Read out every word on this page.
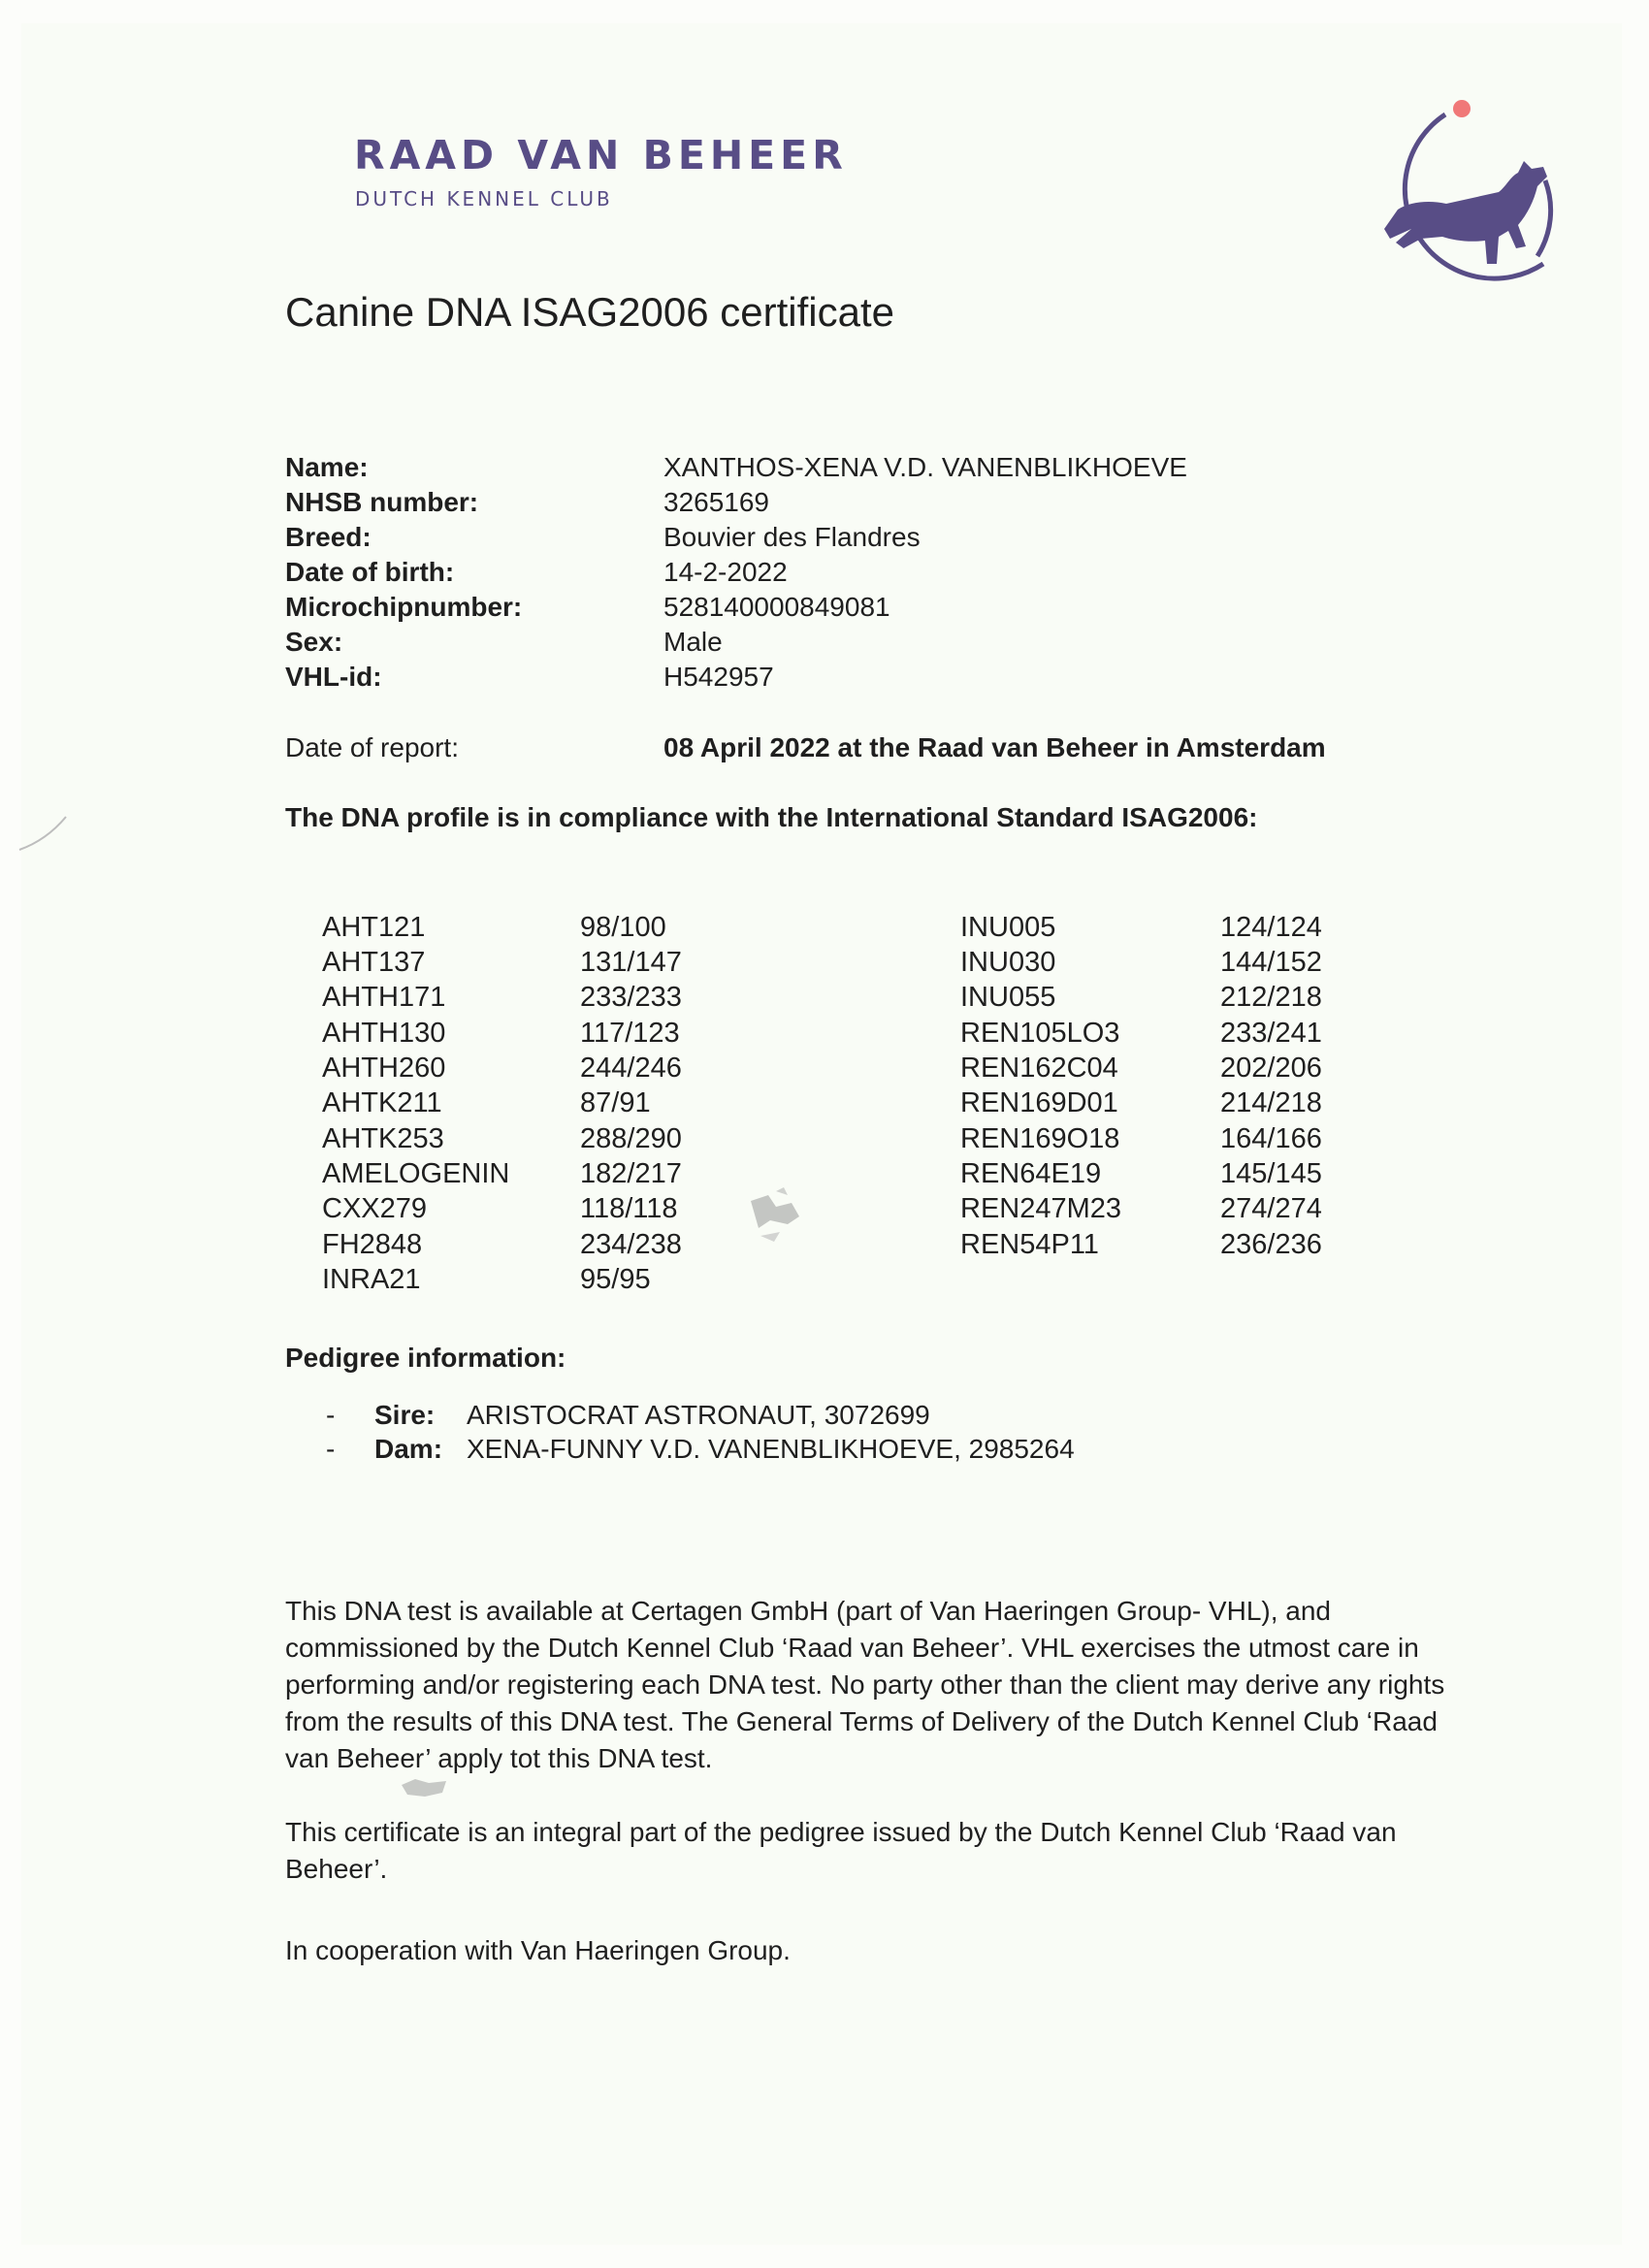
RAAD VAN BEHEER
DUTCH KENNEL CLUB
Canine DNA ISAG2006 certificate
Name:	XANTHOS-XENA V.D. VANENBLIKHOEVE
NHSB number:	3265169
Breed:	Bouvier des Flandres
Date of birth:	14-2-2022
Microchipnumber:	528140000849081
Sex:	Male
VHL-id:	H542957
Date of report:	08 April 2022 at the Raad van Beheer in Amsterdam
The DNA profile is in compliance with the International Standard ISAG2006:
AHT121	98/100
AHT137	131/147
AHTH171	233/233
AHTH130	117/123
AHTH260	244/246
AHTK211	87/91
AHTK253	288/290
AMELOGENIN	182/217
CXX279	118/118
FH2848	234/238
INRA21	95/95
INU005	124/124
INU030	144/152
INU055	212/218
REN105LO3	233/241
REN162C04	202/206
REN169D01	214/218
REN169O18	164/166
REN64E19	145/145
REN247M23	274/274
REN54P11	236/236
Pedigree information:
- Sire: ARISTOCRAT ASTRONAUT, 3072699
- Dam: XENA-FUNNY V.D. VANENBLIKHOEVE, 2985264
This DNA test is available at Certagen GmbH (part of Van Haeringen Group- VHL), and commissioned by the Dutch Kennel Club ‘Raad van Beheer’. VHL exercises the utmost care in performing and/or registering each DNA test. No party other than the client may derive any rights from the results of this DNA test. The General Terms of Delivery of the Dutch Kennel Club ‘Raad van Beheer’ apply tot this DNA test.
This certificate is an integral part of the pedigree issued by the Dutch Kennel Club ‘Raad van Beheer’.
In cooperation with Van Haeringen Group.
